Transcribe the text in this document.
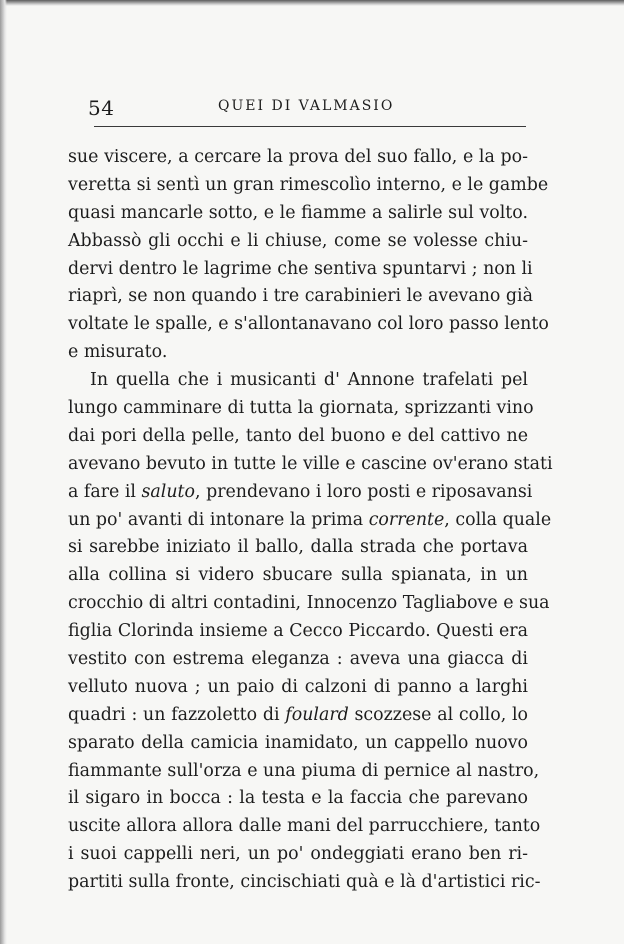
54	QUEI DI VALMASIO
sue viscere, a cercare la prova del suo fallo, e la po-
veretta si sentì un gran rimescolìo interno, e le gambe
quasi mancarle sotto, e le fiamme a salirle sul volto.
Abbassò gli occhi e li chiuse, come se volesse chiu-
dervi dentro le lagrime che sentiva spuntarvi ; non li
riaprì, se non quando i tre carabinieri le avevano già
voltate le spalle, e s'allontanavano col loro passo lento
e misurato.
In quella che i musicanti d' Annone trafelati pel
lungo camminare di tutta la giornata, sprizzanti vino
dai pori della pelle, tanto del buono e del cattivo ne
avevano bevuto in tutte le ville e cascine ov'erano stati
a fare il saluto, prendevano i loro posti e riposavansi
un po' avanti di intonare la prima corrente, colla quale
si sarebbe iniziato il ballo, dalla strada che portava
alla collina si videro sbucare sulla spianata, in un
crocchio di altri contadini, Innocenzo Tagliabove e sua
figlia Clorinda insieme a Cecco Piccardo. Questi era
vestito con estrema eleganza : aveva una giacca di
velluto nuova ; un paio di calzoni di panno a larghi
quadri : un fazzoletto di foulard scozzese al collo, lo
sparato della camicia inamidato, un cappello nuovo
fiammante sull'orza e una piuma di pernice al nastro,
il sigaro in bocca : la testa e la faccia che parevano
uscite allora allora dalle mani del parrucchiere, tanto
i suoi cappelli neri, un po' ondeggiati erano ben ri-
partiti sulla fronte, cincischiati quà e là d'artistici ric-
